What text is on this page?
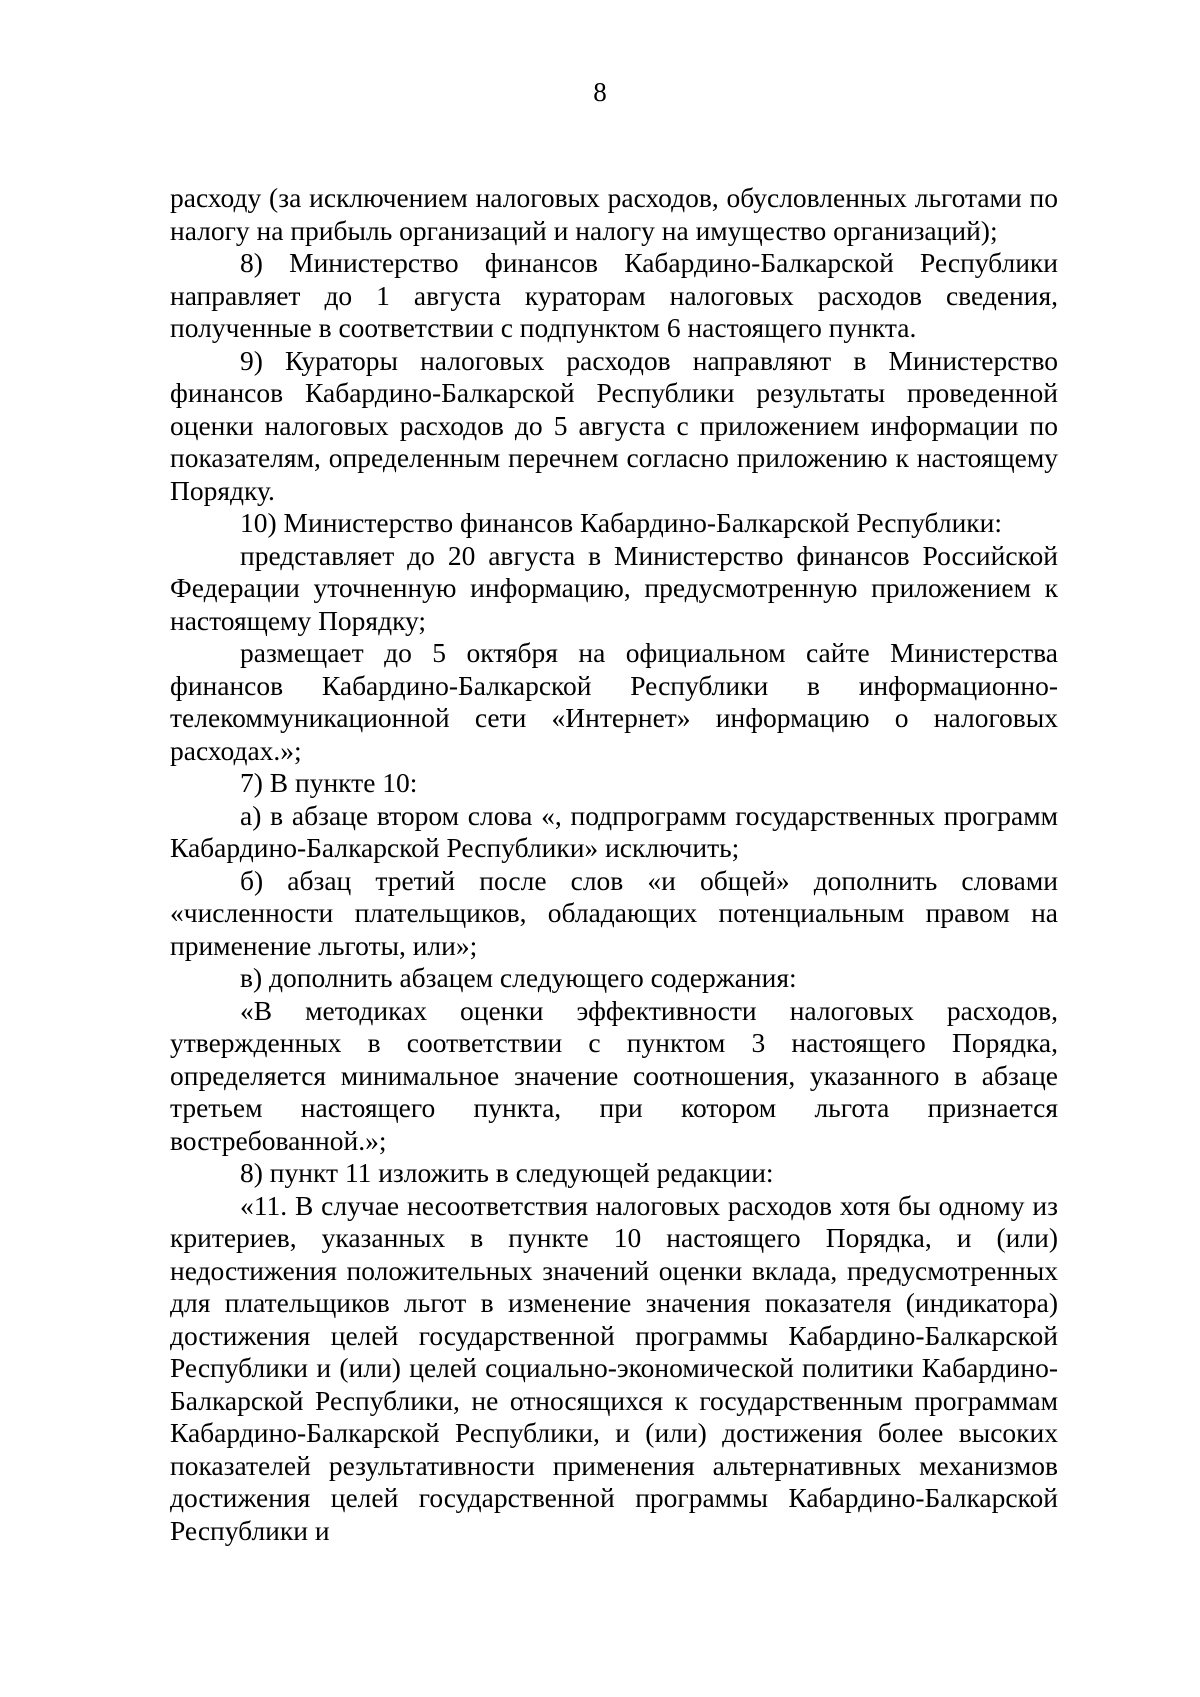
8

расходу (за исключением налоговых расходов, обусловленных льготами по налогу на прибыль организаций и налогу на имущество организаций);

8) Министерство финансов Кабардино-Балкарской Республики направляет до 1 августа кураторам налоговых расходов сведения, полученные в соответствии с подпунктом 6 настоящего пункта.

9) Кураторы налоговых расходов направляют в Министерство финансов Кабардино-Балкарской Республики результаты проведенной оценки налоговых расходов до 5 августа с приложением информации по показателям, определенным перечнем согласно приложению к настоящему Порядку.

10) Министерство финансов Кабардино-Балкарской Республики:

представляет до 20 августа в Министерство финансов Российской Федерации уточненную информацию, предусмотренную приложением к настоящему Порядку;

размещает до 5 октября на официальном сайте Министерства финансов Кабардино-Балкарской Республики в информационно-телекоммуникационной сети «Интернет» информацию о налоговых расходах.»;

7) В пункте 10:

а) в абзаце втором слова «, подпрограмм государственных программ Кабардино-Балкарской Республики» исключить;

б) абзац третий после слов «и общей» дополнить словами «численности плательщиков, обладающих потенциальным правом на применение льготы, или»;

в) дополнить абзацем следующего содержания:

«В методиках оценки эффективности налоговых расходов, утвержденных в соответствии с пунктом 3 настоящего Порядка, определяется минимальное значение соотношения, указанного в абзаце третьем настоящего пункта, при котором льгота признается востребованной.»;

8) пункт 11 изложить в следующей редакции:

«11. В случае несоответствия налоговых расходов хотя бы одному из критериев, указанных в пункте 10 настоящего Порядка, и (или) недостижения положительных значений оценки вклада, предусмотренных для плательщиков льгот в изменение значения показателя (индикатора) достижения целей государственной программы Кабардино-Балкарской Республики и (или) целей социально-экономической политики Кабардино-Балкарской Республики, не относящихся к государственным программам Кабардино-Балкарской Республики, и (или) достижения более высоких показателей результативности применения альтернативных механизмов достижения целей государственной программы Кабардино-Балкарской Республики и
